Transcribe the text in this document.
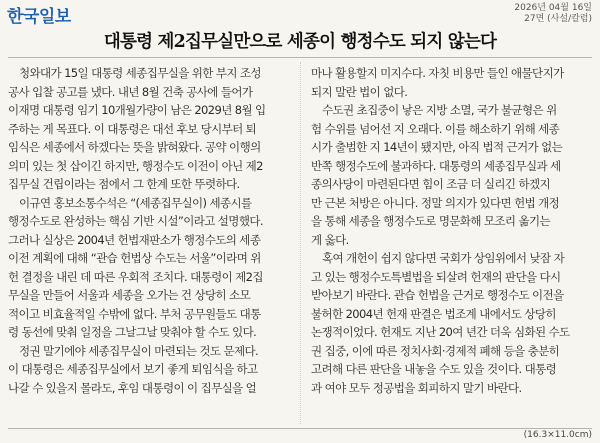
한국일보	2026년 04월 16일
27면 (사설/칼럼)
대통령 제2집무실만으로 세종이 행정수도 되지 않는다
청와대가 15일 대통령 세종집무실을 위한 부지 조성
공사 입찰 공고를 냈다. 내년 8월 건축 공사에 들어가
이재명 대통령 임기 10개월가량이 남은 2029년 8월 입
주하는 게 목표다. 이 대통령은 대선 후보 당시부터 퇴
임식은 세종에서 하겠다는 뜻을 밝혀왔다. 공약 이행의
의미 있는 첫 삽이긴 하지만, 행정수도 이전이 아닌 제2
집무실 건립이라는 점에서 그 한계 또한 뚜렷하다.
이규연 홍보소통수석은 “(세종집무실이) 세종시를
행정수도로 완성하는 핵심 기반 시설”이라고 설명했다.
그러나 실상은 2004년 헌법재판소가 행정수도의 세종
이전 계획에 대해 “관습 헌법상 수도는 서울”이라며 위
헌 결정을 내린 데 따른 우회적 조치다. 대통령이 제2집
무실을 만들어 서울과 세종을 오가는 건 상당히 소모
적이고 비효율적일 수밖에 없다. 부처 공무원들도 대통
령 동선에 맞춰 일정을 그날그날 맞춰야 할 수도 있다.
정권 말기에야 세종집무실이 마련되는 것도 문제다.
이 대통령은 세종집무실에서 보기 좋게 퇴임식을 하고
나갈 수 있을지 몰라도, 후임 대통령이 이 집무실을 얼
마나 활용할지 미지수다. 자칫 비용만 들인 애물단지가
되지 말란 법이 없다.
수도권 초집중이 낳은 지방 소멸, 국가 불균형은 위
험 수위를 넘어선 지 오래다. 이를 해소하기 위해 세종
시가 출범한 지 14년이 됐지만, 아직 법적 근거가 없는
반쪽 행정수도에 불과하다. 대통령의 세종집무실과 세
종의사당이 마련된다면 힘이 조금 더 실리긴 하겠지
만 근본 처방은 아니다. 정말 의지가 있다면 헌법 개정
을 통해 세종을 행정수도로 명문화해 모조리 옮기는
게 옳다.
혹여 개헌이 쉽지 않다면 국회가 상임위에서 낮잠 자
고 있는 행정수도특별법을 되살려 헌재의 판단을 다시
받아보기 바란다. 관습 헌법을 근거로 행정수도 이전을
불허한 2004년 헌재 판결은 법조계 내에서도 상당히
논쟁적이었다. 헌재도 지난 20여 년간 더욱 심화된 수도
권 집중, 이에 따른 정치사회·경제적 폐해 등을 충분히
고려해 다른 판단을 내놓을 수도 있을 것이다. 대통령
과 여야 모두 정공법을 회피하지 말기 바란다.
(16.3×11.0cm)
